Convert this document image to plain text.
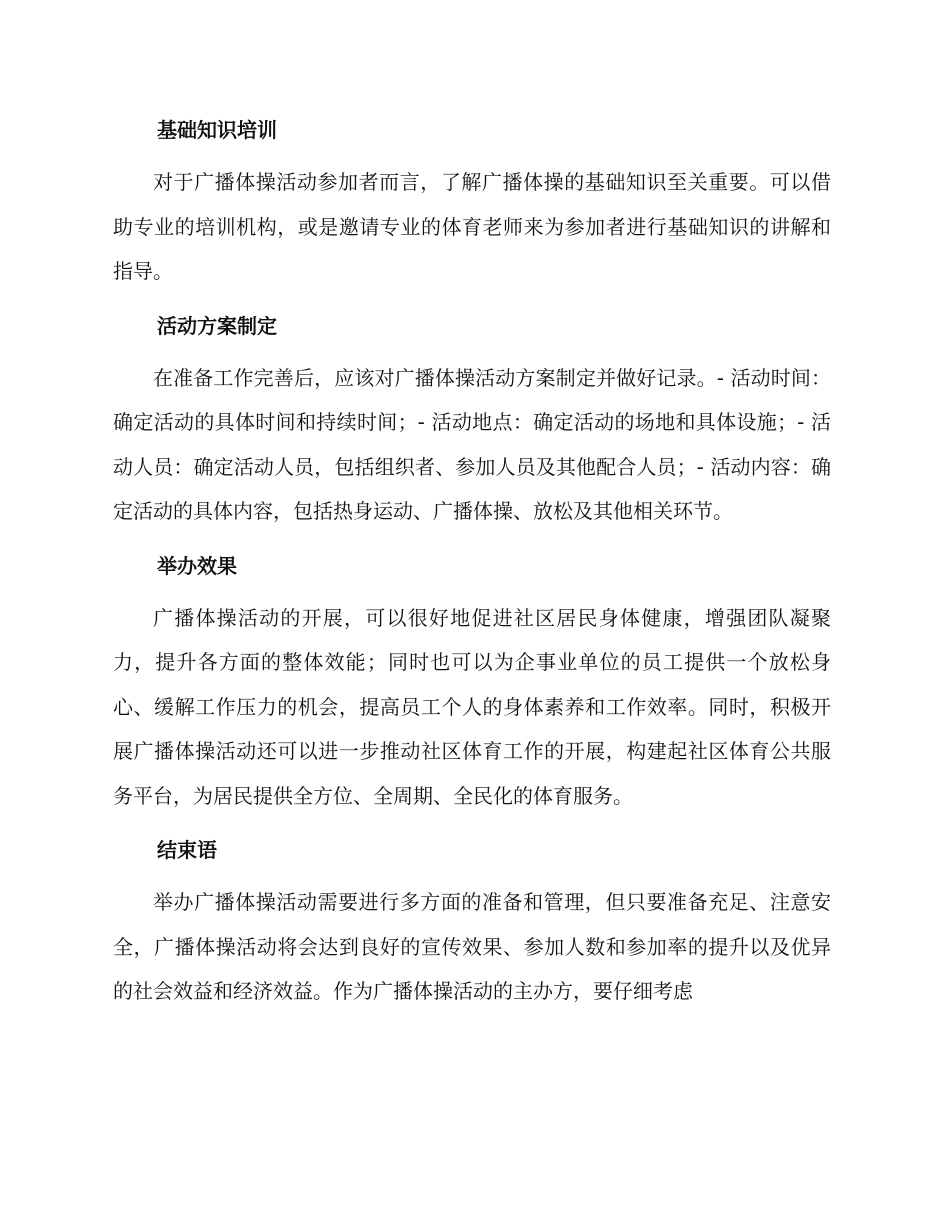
基础知识培训

对于广播体操活动参加者而言，了解广播体操的基础知识至关重要。可以借助专业的培训机构，或是邀请专业的体育老师来为参加者进行基础知识的讲解和指导。

活动方案制定

在准备工作完善后，应该对广播体操活动方案制定并做好记录。- 活动时间：确定活动的具体时间和持续时间；- 活动地点：确定活动的场地和具体设施；- 活动人员：确定活动人员，包括组织者、参加人员及其他配合人员；- 活动内容：确定活动的具体内容，包括热身运动、广播体操、放松及其他相关环节。

举办效果

广播体操活动的开展，可以很好地促进社区居民身体健康，增强团队凝聚力，提升各方面的整体效能；同时也可以为企事业单位的员工提供一个放松身心、缓解工作压力的机会，提高员工个人的身体素养和工作效率。同时，积极开展广播体操活动还可以进一步推动社区体育工作的开展，构建起社区体育公共服务平台，为居民提供全方位、全周期、全民化的体育服务。

结束语

举办广播体操活动需要进行多方面的准备和管理，但只要准备充足、注意安全，广播体操活动将会达到良好的宣传效果、参加人数和参加率的提升以及优异的社会效益和经济效益。作为广播体操活动的主办方，要仔细考虑
